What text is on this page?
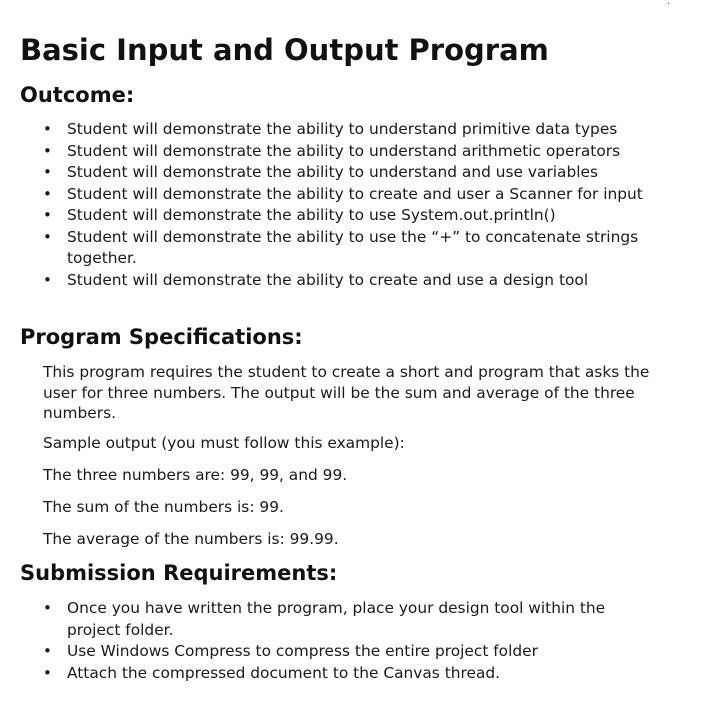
·
Basic Input and Output Program
Outcome:
• Student will demonstrate the ability to understand primitive data types
• Student will demonstrate the ability to understand arithmetic operators
• Student will demonstrate the ability to understand and use variables
• Student will demonstrate the ability to create and user a Scanner for input
• Student will demonstrate the ability to use System.out.println()
• Student will demonstrate the ability to use the “+” to concatenate strings together.
• Student will demonstrate the ability to create and use a design tool
Program Specifications:

This program requires the student to create a short and program that asks the user for three numbers. The output will be the sum and average of the three numbers.

Sample output (you must follow this example):

The three numbers are: 99, 99, and 99.

The sum of the numbers is: 99.

The average of the numbers is: 99.99.

Submission Requirements:
• Once you have written the program, place your design tool within the project folder.
• Use Windows Compress to compress the entire project folder
• Attach the compressed document to the Canvas thread.
